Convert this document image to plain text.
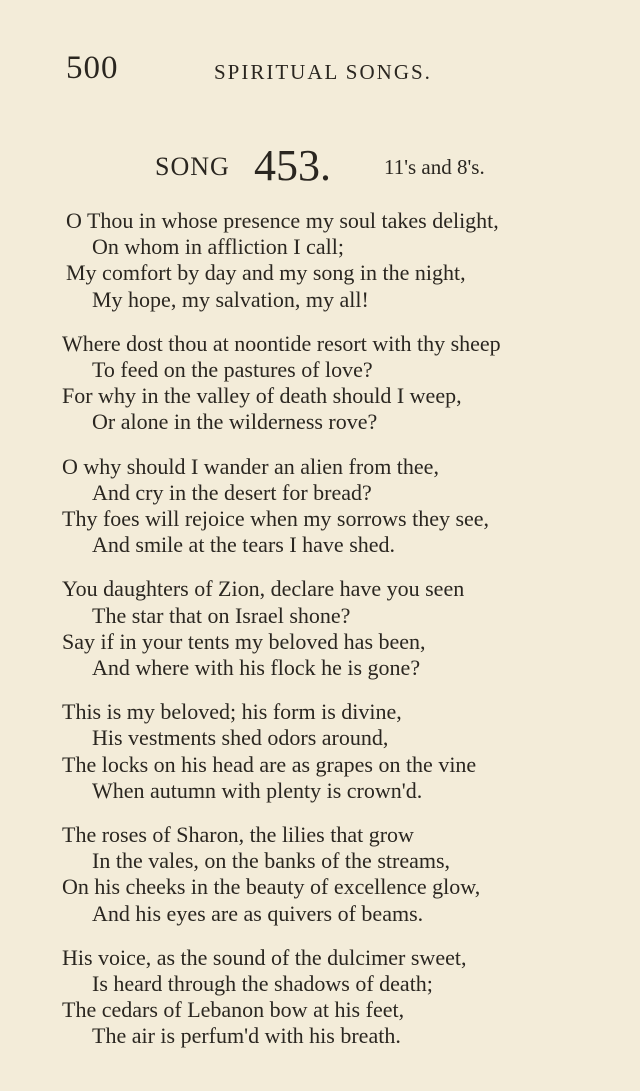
500	SPIRITUAL SONGS.
SONG 453.	11's and 8's.
O Thou in whose presence my soul takes delight,
On whom in affliction I call;
My comfort by day and my song in the night,
My hope, my salvation, my all!
Where dost thou at noontide resort with thy sheep
To feed on the pastures of love?
For why in the valley of death should I weep,
Or alone in the wilderness rove?
O why should I wander an alien from thee,
And cry in the desert for bread?
Thy foes will rejoice when my sorrows they see,
And smile at the tears I have shed.
You daughters of Zion, declare have you seen
The star that on Israel shone?
Say if in your tents my beloved has been,
And where with his flock he is gone?
This is my beloved; his form is divine,
His vestments shed odors around,
The locks on his head are as grapes on the vine
When autumn with plenty is crown'd.
The roses of Sharon, the lilies that grow
In the vales, on the banks of the streams,
On his cheeks in the beauty of excellence glow,
And his eyes are as quivers of beams.
His voice, as the sound of the dulcimer sweet,
Is heard through the shadows of death;
The cedars of Lebanon bow at his feet,
The air is perfum'd with his breath.
